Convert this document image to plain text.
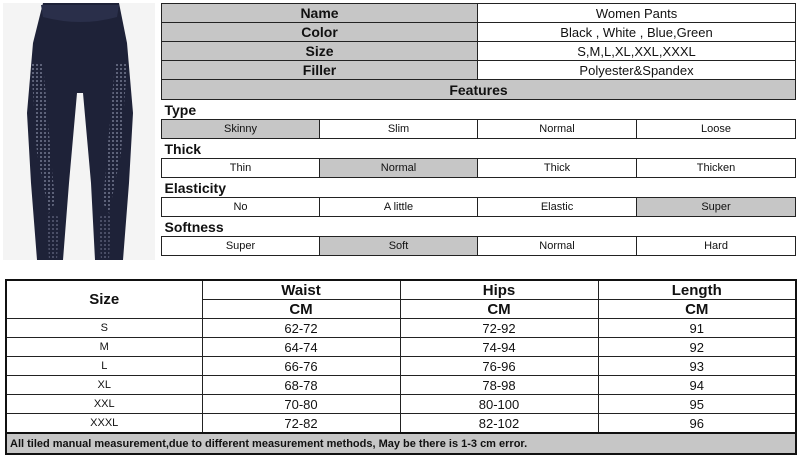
Name		Women Pants	
Color		Black , White , Blue,Green	
Size		S,M,L,XL,XXL,XXXL	
Filler		Polyester&Spandex	
Features			
Type			
Skinny	Slim	Normal	Loose
Thick			
Thin	Normal	Thick	Thicken
Elasticity			
No	A little	Elastic	Super
Softness			
Super	Soft	Normal	Hard
Size	Waist	Hips	Length
	CM	CM	CM
S	62-72	72-92	91
M	64-74	74-94	92
L	66-76	76-96	93
XL	68-78	78-98	94
XXL	70-80	80-100	95
XXXL	72-82	82-102	96
All tiled manual measurement,due to different measurement methods, May be there is 1-3 cm error.			
